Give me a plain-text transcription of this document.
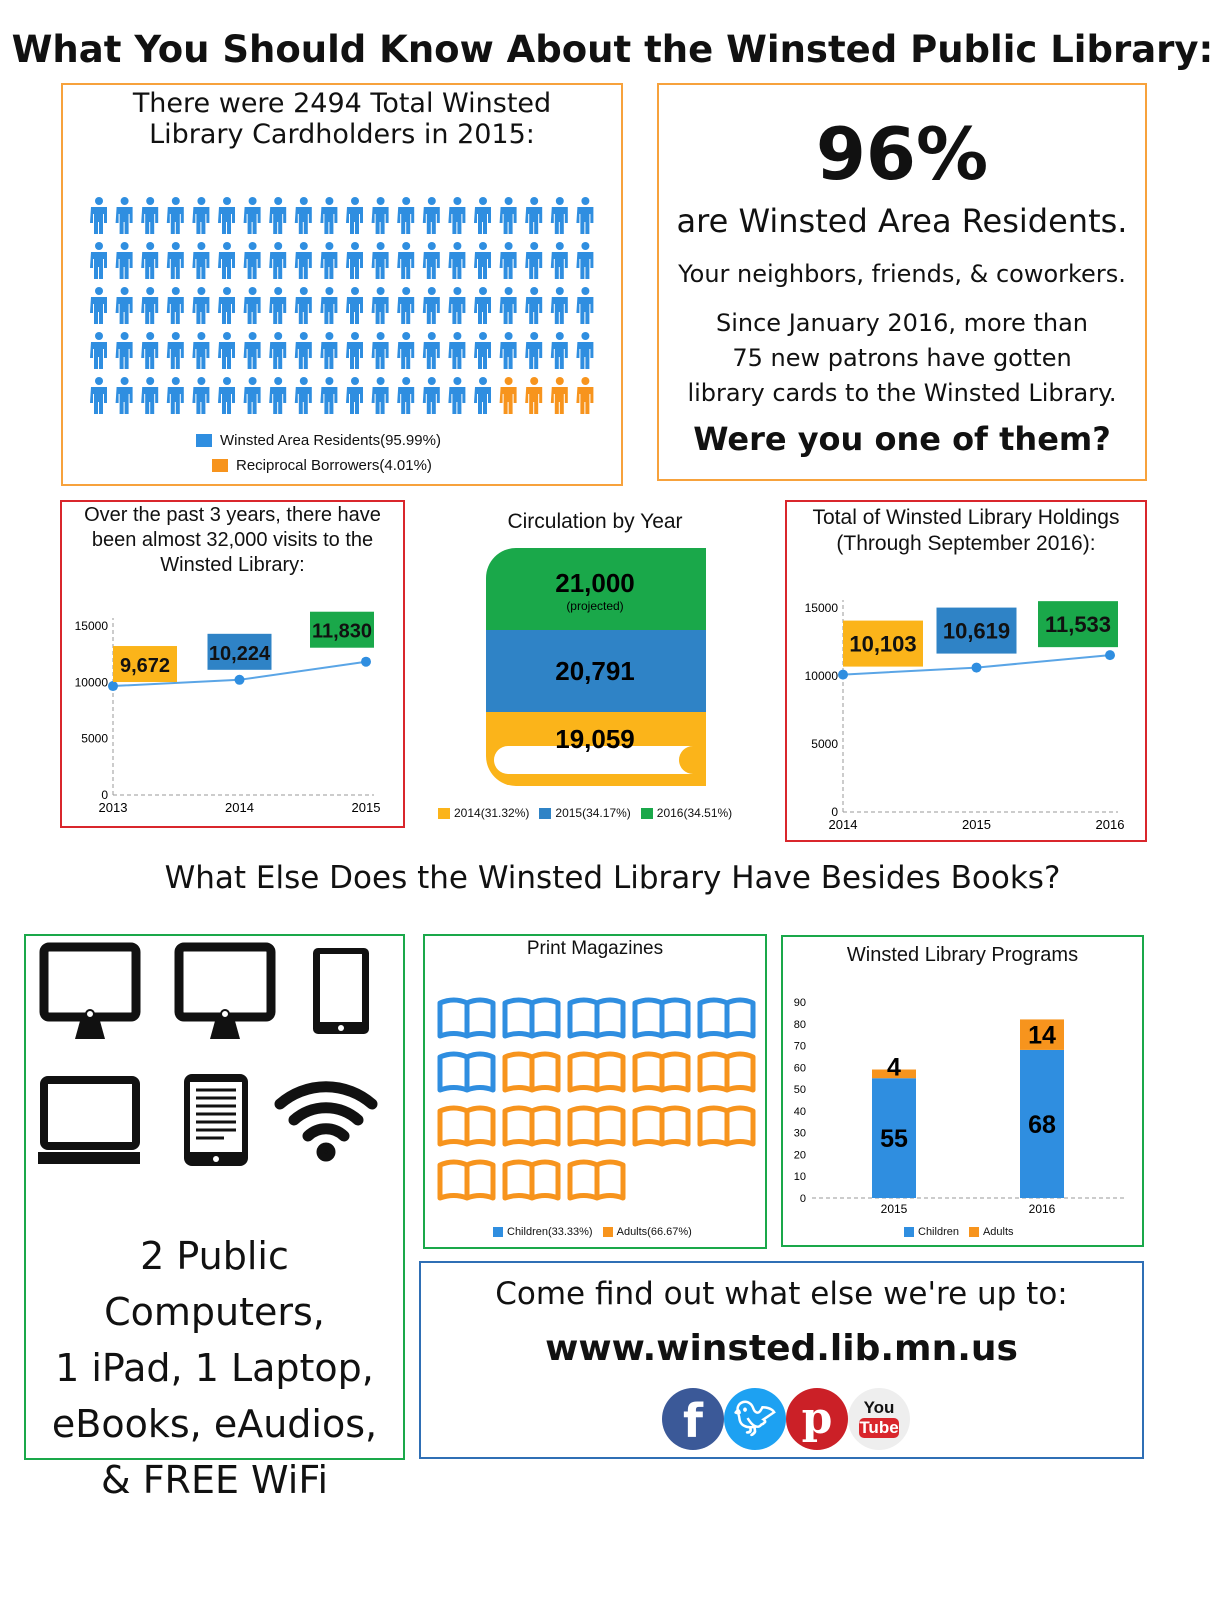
What You Should Know About the Winsted Public Library:
There were 2494 Total Winsted
Library Cardholders in 2015:
Winsted Area Residents(95.99%)
Reciprocal Borrowers(4.01%)
96%
are Winsted Area Residents.
Your neighbors, friends, & coworkers.
Since January 2016, more than
75 new patrons have gotten
library cards to the Winsted Library.
Were you one of them?
Over the past 3 years, there have
been almost 32,000 visits to the
Winsted Library:
0
5000
10000
15000
2013	2014	2015
9,672
10,224
11,830
Circulation by Year
19,059
20,791
21,000
(projected)
2014(31.32%) 2015(34.17%) 2016(34.51%)
Total of Winsted Library Holdings
(Through September 2016):
0
5000
10000
15000
2014	2015	2016
10,103
10,619 11,533
What Else Does the Winsted Library Have Besides Books?
2 Public Computers,
1 iPad, 1 Laptop,
eBooks, eAudios,
& FREE WiFi
Print Magazines
Children(33.33%) Adults(66.67%)
Winsted Library Programs
0
10
20
30
40
50
60
70
80
90
55
4
2015
68
14
2016
Children Adults
Come find out what else we're up to:
www.winsted.lib.mn.us
f 🐦︎ p	You
Tube
